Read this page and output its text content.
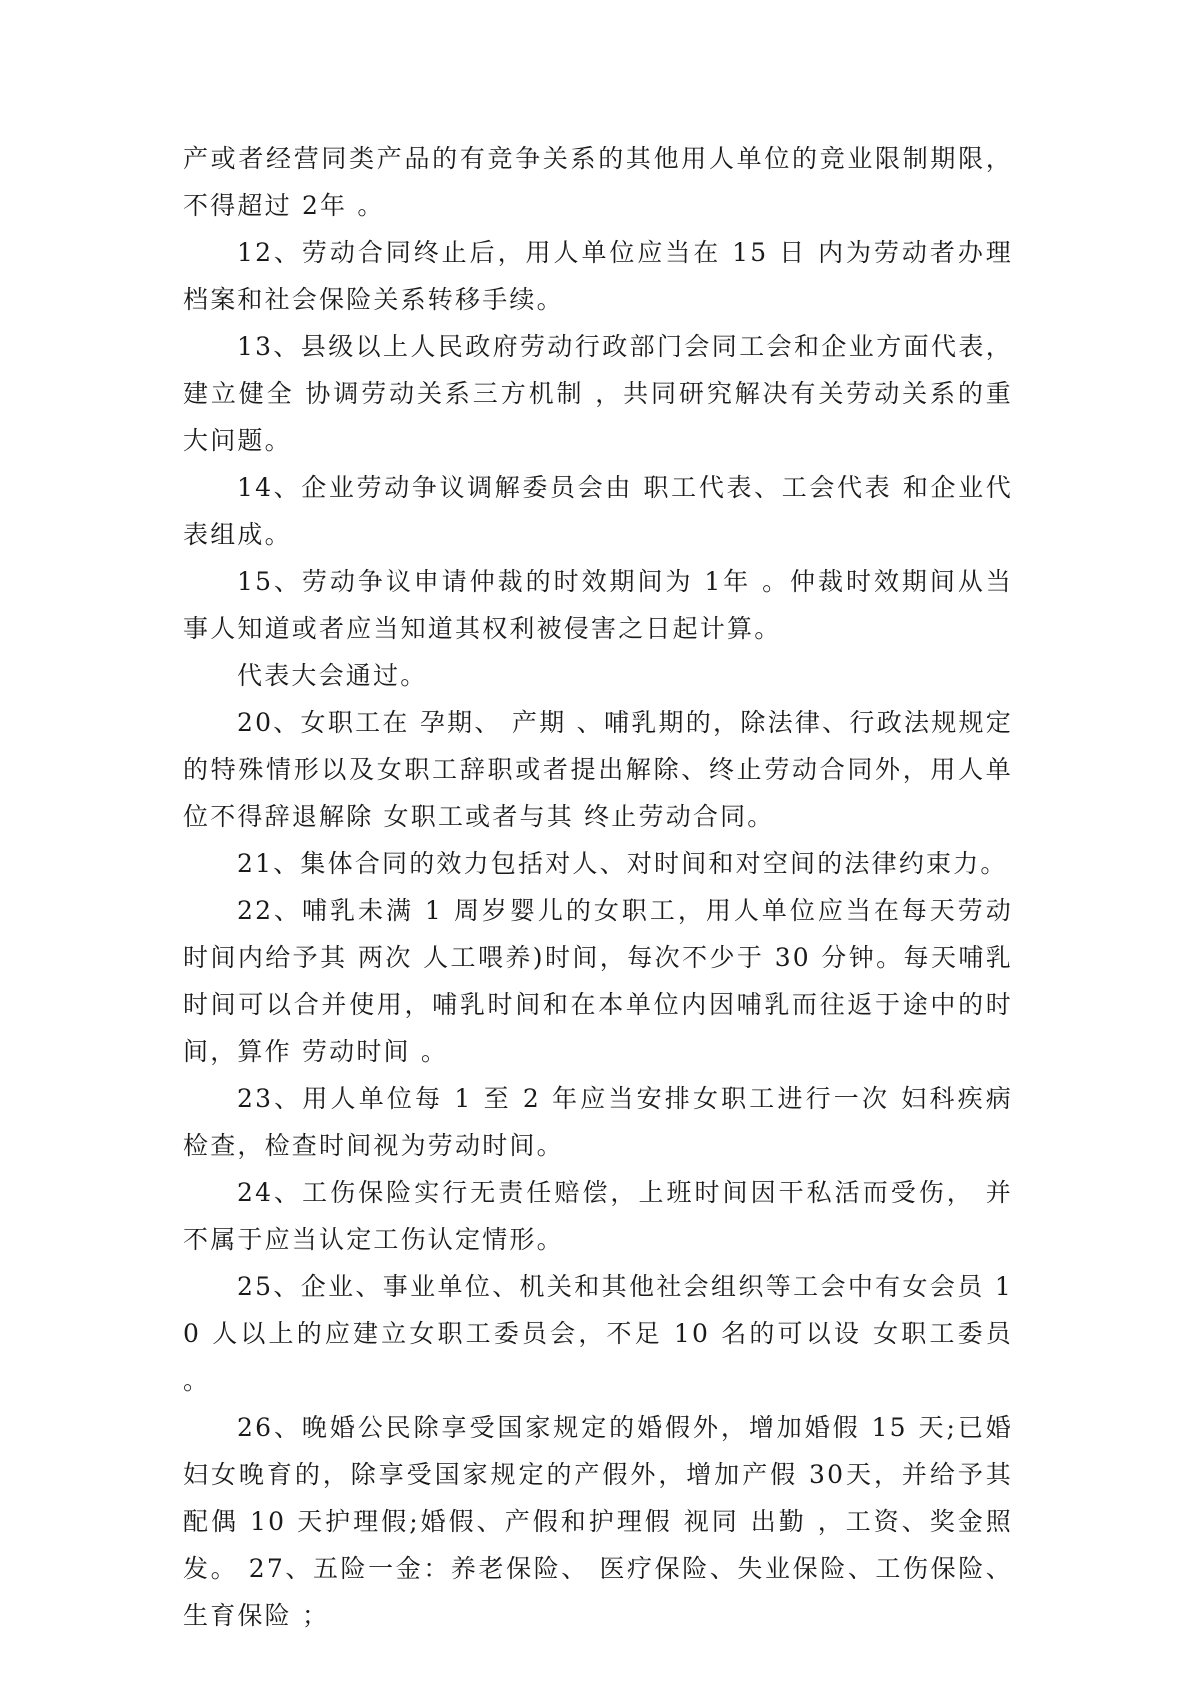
产或者经营同类产品的有竞争关系的其他用人单位的竞业限制期限，不得超过 2年 。

12、劳动合同终止后，用人单位应当在 15 日 内为劳动者办理档案和社会保险关系转移手续。

13、县级以上人民政府劳动行政部门会同工会和企业方面代表，建立健全 协调劳动关系三方机制 ，共同研究解决有关劳动关系的重大问题。

14、企业劳动争议调解委员会由 职工代表、工会代表 和企业代表组成。

15、劳动争议申请仲裁的时效期间为 1年 。仲裁时效期间从当事人知道或者应当知道其权利被侵害之日起计算。

代表大会通过。

20、女职工在 孕期、 产期 、哺乳期的，除法律、行政法规规定的特殊情形以及女职工辞职或者提出解除、终止劳动合同外，用人单位不得辞退解除 女职工或者与其 终止劳动合同。

21、集体合同的效力包括对人、对时间和对空间的法律约束力。

22、哺乳未满 1 周岁婴儿的女职工，用人单位应当在每天劳动时间内给予其 两次 人工喂养)时间，每次不少于 30 分钟。每天哺乳时间可以合并使用，哺乳时间和在本单位内因哺乳而往返于途中的时间，算作 劳动时间 。

23、用人单位每 1 至 2 年应当安排女职工进行一次 妇科疾病 检查，检查时间视为劳动时间。

24、工伤保险实行无责任赔偿，上班时间因干私活而受伤， 并不属于应当认定工伤认定情形。

25、企业、事业单位、机关和其他社会组织等工会中有女会员 10 人以上的应建立女职工委员会，不足 10 名的可以设 女职工委员 。

26、晚婚公民除享受国家规定的婚假外，增加婚假 15 天;已婚妇女晚育的，除享受国家规定的产假外，增加产假 30天，并给予其配偶 10 天护理假;婚假、产假和护理假 视同 出勤 ，工资、奖金照发。 27、五险一金：养老保险、 医疗保险、失业保险、工伤保险、生育保险 ；
